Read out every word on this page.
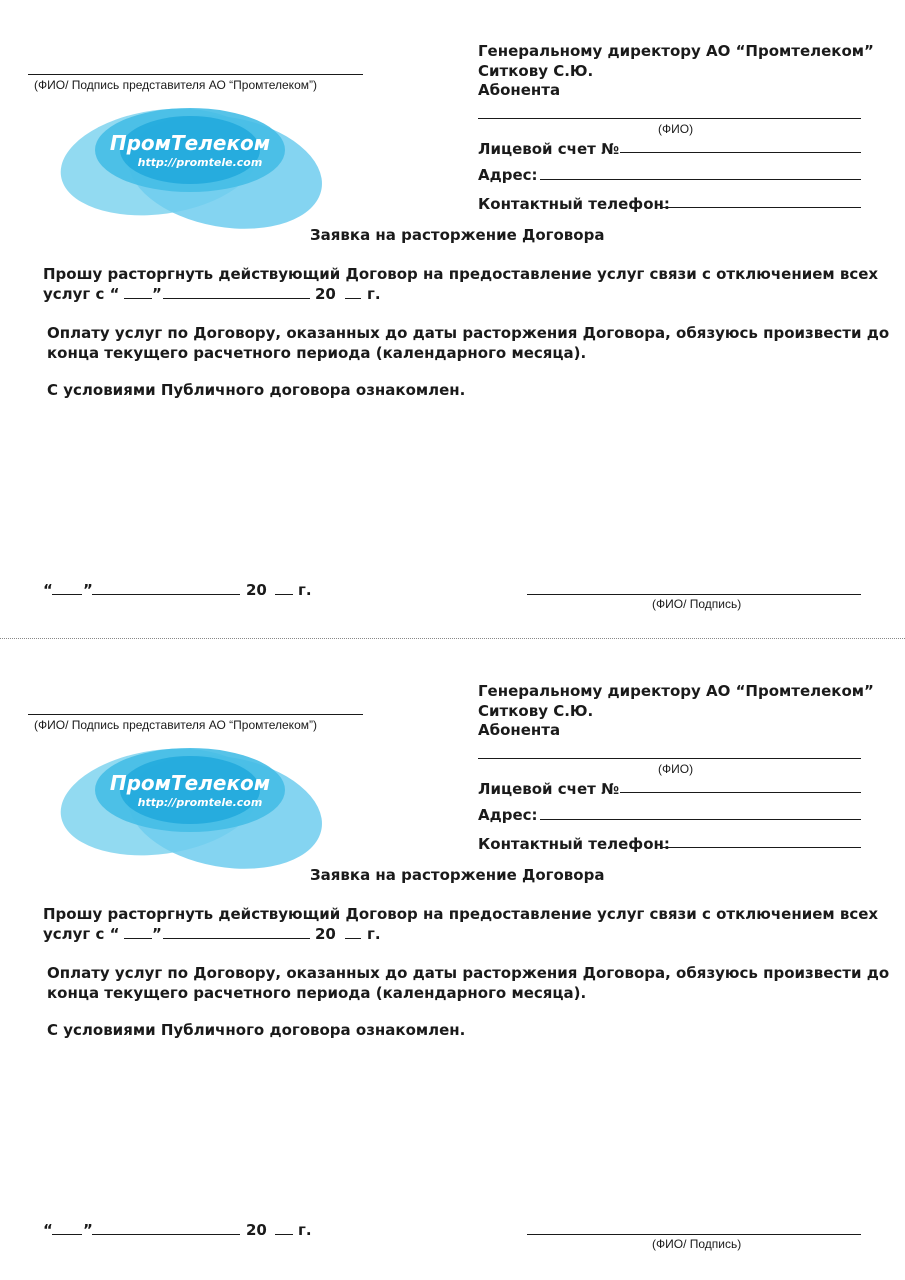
(ФИО/ Подпись представителя АО “Промтелеком”)
ПромТелеком
http://promtele.com
Генеральному директору АО “Промтелеком”
Ситкову С.Ю.
Абонента
(ФИО)
Лицевой счет №
Адрес:
Контактный телефон:
Заявка на расторжение Договора
Прошу расторгнуть действующий Договор на предоставление услуг связи с отключением всех
услуг с “	”	20 г.
Оплату услуг по Договору, оказанных до даты расторжения Договора, обязуюсь произвести до
конца текущего расчетного периода (календарного месяца).
С условиями Публичного договора ознакомлен.
“ ”	20 г.
(ФИО/ Подпись)
(ФИО/ Подпись представителя АО “Промтелеком”)
ПромТелеком
http://promtele.com
Генеральному директору АО “Промтелеком”
Ситкову С.Ю.
Абонента
(ФИО)
Лицевой счет №
Адрес:
Контактный телефон:
Заявка на расторжение Договора
Прошу расторгнуть действующий Договор на предоставление услуг связи с отключением всех
услуг с “	”	20 г.
Оплату услуг по Договору, оказанных до даты расторжения Договора, обязуюсь произвести до
конца текущего расчетного периода (календарного месяца).
С условиями Публичного договора ознакомлен.
“ ”	20 г.
(ФИО/ Подпись)
